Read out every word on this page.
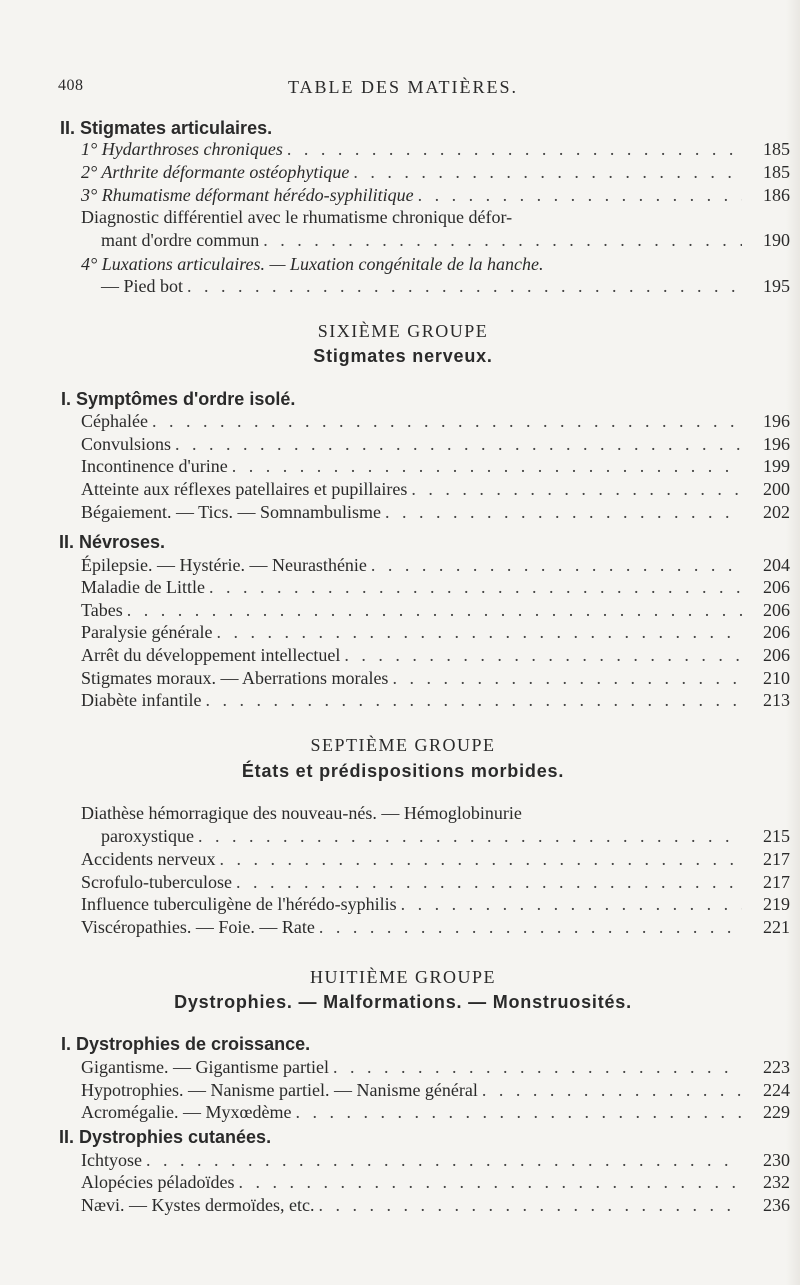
408	TABLE DES MATIÈRES.
II. Stigmates articulaires.
1° Hydarthroses chroniques . . .	185
2° Arthrite déformante ostéophytique . . .	185
3° Rhumatisme déformant hérédo-syphilitique . . .	186
Diagnostic différentiel avec le rhumatisme chronique défor-
mant d'ordre commun . . .	190
4° Luxations articulaires. — Luxation congénitale de la hanche.
— Pied bot . . .	195
SIXIÈME GROUPE
Stigmates nerveux.
I. Symptômes d'ordre isolé.
Céphalée . . .	196
Convulsions . . .	196
Incontinence d'urine . . .	199
Atteinte aux réflexes patellaires et pupillaires . . .	200
Bégaiement. — Tics. — Somnambulisme . . .	202
II. Névroses.
Épilepsie. — Hystérie. — Neurasthénie . . .	204
Maladie de Little . . .	206
Tabes . . .	206
Paralysie générale . . .	206
Arrêt du développement intellectuel . . .	206
Stigmates moraux. — Aberrations morales . . .	210
Diabète infantile . . .	213
SEPTIÈME GROUPE
États et prédispositions morbides.
Diathèse hémorragique des nouveau-nés. — Hémoglobinurie
paroxystique . . .	215
Accidents nerveux . . .	217
Scrofulo-tuberculose . . .	217
Influence tuberculigène de l'hérédo-syphilis . . .	219
Viscéropathies. — Foie. — Rate . . .	221
HUITIÈME GROUPE
Dystrophies. — Malformations. — Monstruosités.
I. Dystrophies de croissance.
Gigantisme. — Gigantisme partiel . . .	223
Hypotrophies. — Nanisme partiel. — Nanisme général . . .	224
Acromégalie. — Myxœdème . . .	229
II. Dystrophies cutanées.
Ichtyose . . .	230
Alopécies péladoïdes . . .	232
Nævi. — Kystes dermoïdes, etc. . . .	236
